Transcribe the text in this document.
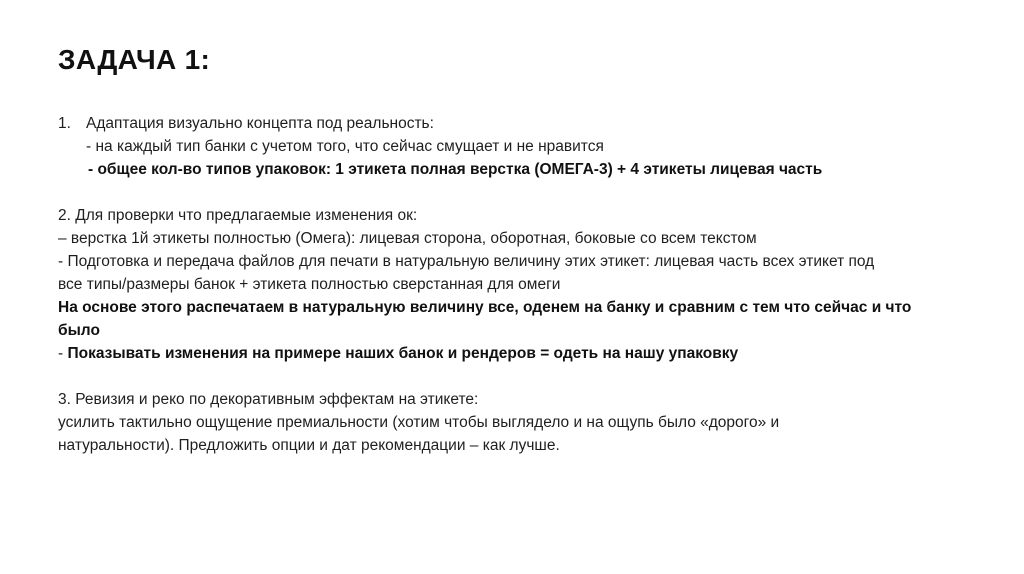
ЗАДАЧА 1:
1. Адаптация визуально концепта под реальность:
- на каждый тип банки с учетом того, что сейчас смущает и не нравится
- общее кол-во типов упаковок: 1 этикета полная верстка (ОМЕГА-3) + 4 этикеты лицевая часть
2. Для проверки что предлагаемые изменения ок:
– верстка 1й этикеты полностью (Омега): лицевая сторона, оборотная, боковые со всем текстом
- Подготовка и передача файлов для печати в натуральную величину этих этикет: лицевая часть всех этикет под
все типы/размеры банок + этикета полностью сверстанная для омеги
На основе этого распечатаем в натуральную величину все, оденем на банку и сравним с тем что сейчас и что
было
- Показывать изменения на примере наших банок и рендеров = одеть на нашу упаковку
3. Ревизия и реко по декоративным эффектам на этикете:
усилить тактильно ощущение премиальности (хотим чтобы выглядело и на ощупь было «дорого» и
натуральности). Предложить опции и дат рекомендации – как лучше.
